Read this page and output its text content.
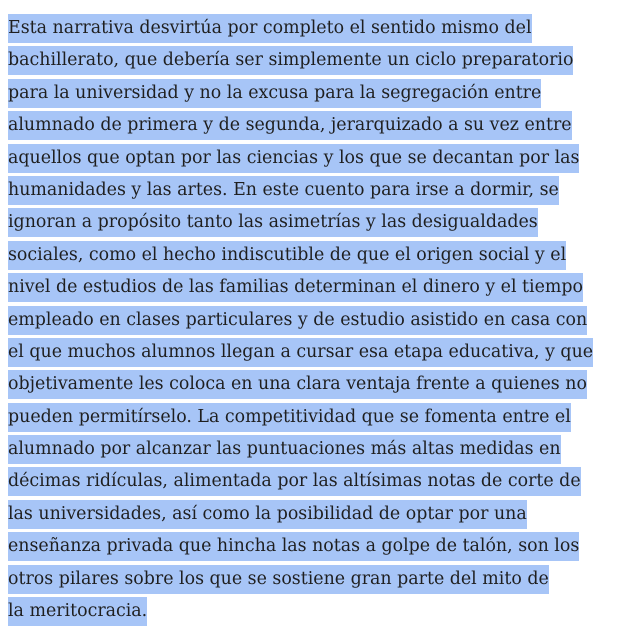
Esta narrativa desvirtúa por completo el sentido mismo del
bachillerato, que debería ser simplemente un ciclo preparatorio
para la universidad y no la excusa para la segregación entre
alumnado de primera y de segunda, jerarquizado a su vez entre
aquellos que optan por las ciencias y los que se decantan por las
humanidades y las artes. En este cuento para irse a dormir, se
ignoran a propósito tanto las asimetrías y las desigualdades
sociales, como el hecho indiscutible de que el origen social y el
nivel de estudios de las familias determinan el dinero y el tiempo
empleado en clases particulares y de estudio asistido en casa con
el que muchos alumnos llegan a cursar esa etapa educativa, y que
objetivamente les coloca en una clara ventaja frente a quienes no
pueden permitírselo. La competitividad que se fomenta entre el
alumnado por alcanzar las puntuaciones más altas medidas en
décimas ridículas, alimentada por las altísimas notas de corte de
las universidades, así como la posibilidad de optar por una
enseñanza privada que hincha las notas a golpe de talón, son los
otros pilares sobre los que se sostiene gran parte del mito de
la meritocracia.
